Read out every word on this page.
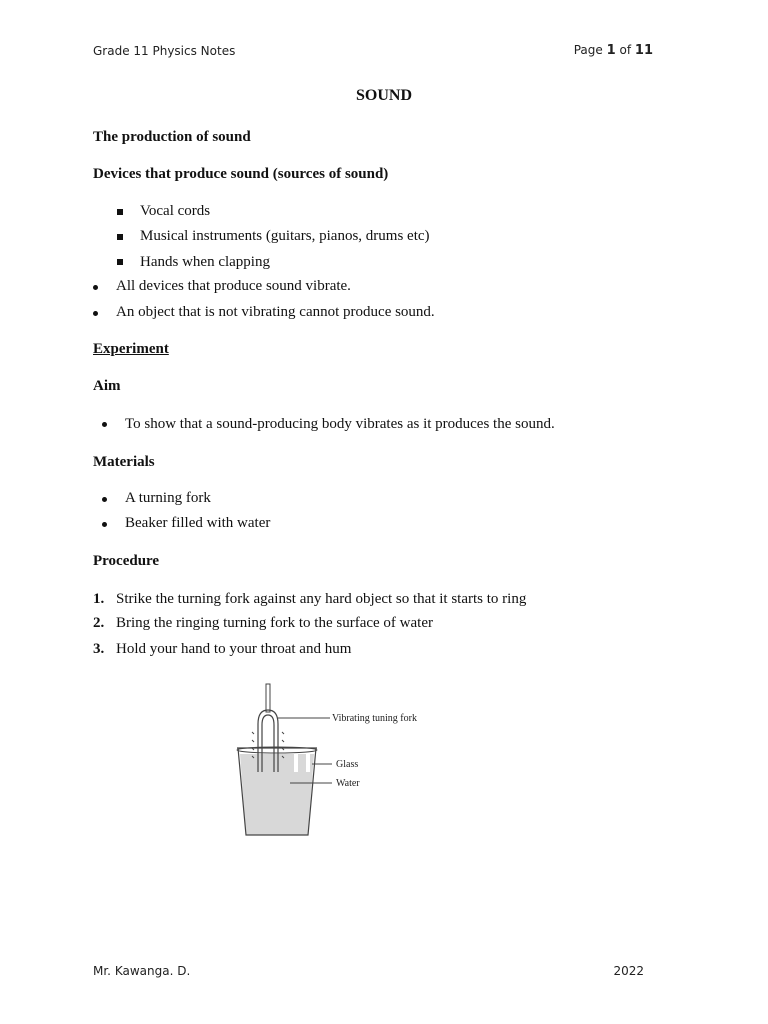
Grade 11 Physics Notes	Page 1 of 11
SOUND
The production of sound
Devices that produce sound (sources of sound)
Vocal cords
Musical instruments (guitars, pianos, drums etc)
Hands when clapping
All devices that produce sound vibrate.
An object that is not vibrating cannot produce sound.
Experiment
Aim
To show that a sound-producing body vibrates as it produces the sound.
Materials
A turning fork
Beaker filled with water
Procedure
1. Strike the turning fork against any hard object so that it starts to ring
2. Bring the ringing turning fork to the surface of water
3. Hold your hand to your throat and hum
Vibrating tuning fork
Glass
Water
Mr. Kawanga. D.	2022
